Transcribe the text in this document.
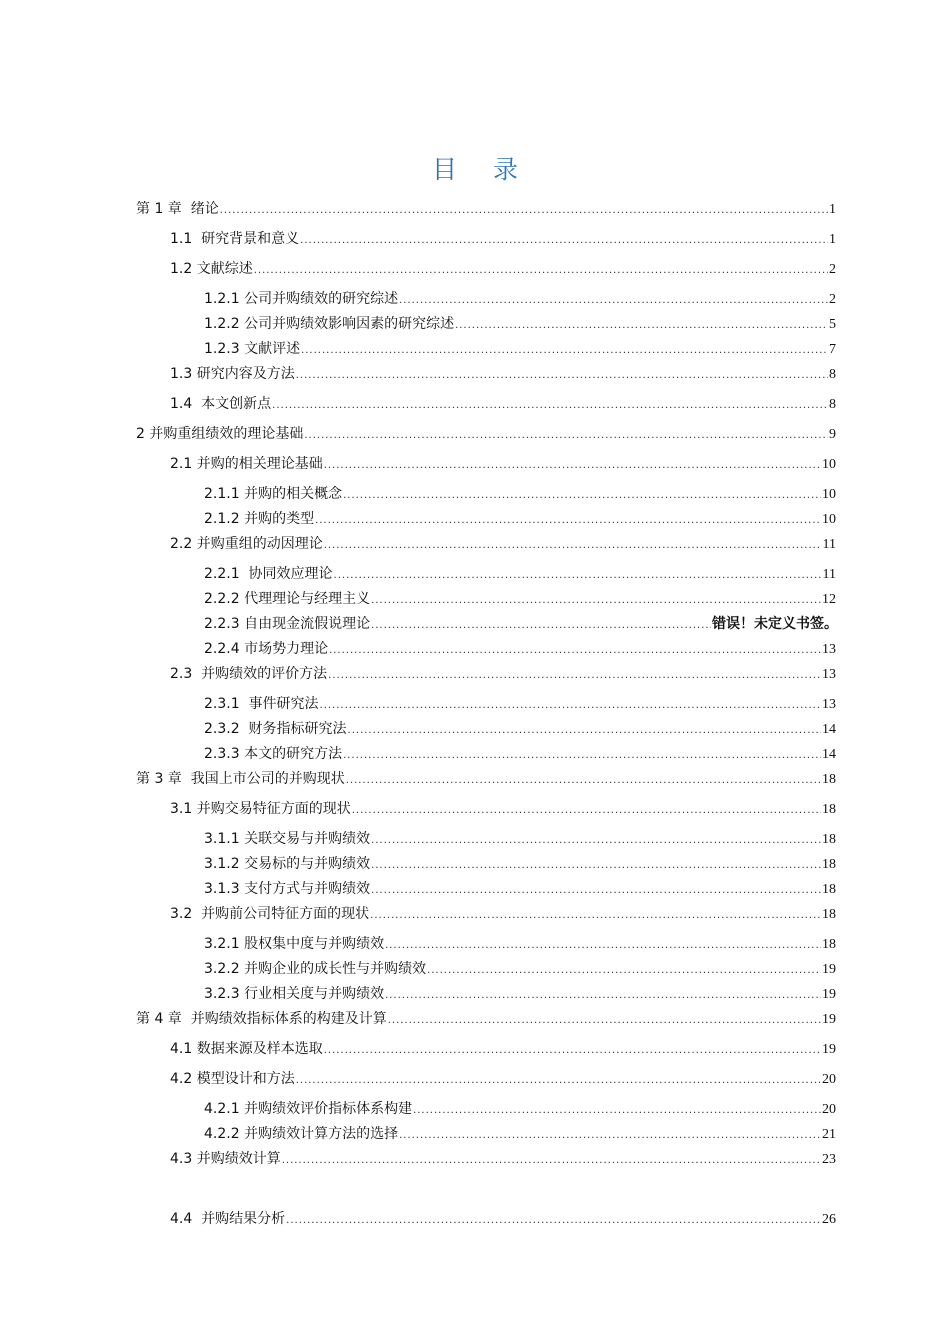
目 录
第 1 章  绪论 .....	1
1.1  研究背景和意义 .....	1
1.2 文献综述 .....	2
1.2.1 公司并购绩效的研究综述 .....	2
1.2.2 公司并购绩效影响因素的研究综述 .....	5
1.2.3 文献评述 .....	7
1.3 研究内容及方法 .....	8
1.4  本文创新点 .....	8
2 并购重组绩效的理论基础 .....	9
2.1 并购的相关理论基础 .....	10
2.1.1 并购的相关概念 .....	10
2.1.2 并购的类型 .....	10
2.2 并购重组的动因理论 .....	11
2.2.1  协同效应理论 .....	11
2.2.2 代理理论与经理主义 .....	12
2.2.3 自由现金流假说理论 .....	错误！未定义书签。
2.2.4 市场势力理论 .....	13
2.3  并购绩效的评价方法 .....	13
2.3.1  事件研究法 .....	13
2.3.2  财务指标研究法 .....	14
2.3.3 本文的研究方法 .....	14
第 3 章  我国上市公司的并购现状 .....	18
3.1 并购交易特征方面的现状 .....	18
3.1.1 关联交易与并购绩效 .....	18
3.1.2 交易标的与并购绩效 .....	18
3.1.3 支付方式与并购绩效 .....	18
3.2  并购前公司特征方面的现状 .....	18
3.2.1 股权集中度与并购绩效 .....	18
3.2.2 并购企业的成长性与并购绩效 .....	19
3.2.3 行业相关度与并购绩效 .....	19
第 4 章  并购绩效指标体系的构建及计算 .....	19
4.1 数据来源及样本选取 .....	19
4.2 模型设计和方法 .....	20
4.2.1 并购绩效评价指标体系构建 .....	20
4.2.2 并购绩效计算方法的选择 .....	21
4.3 并购绩效计算 .....	23
4.4  并购结果分析 .....	26
